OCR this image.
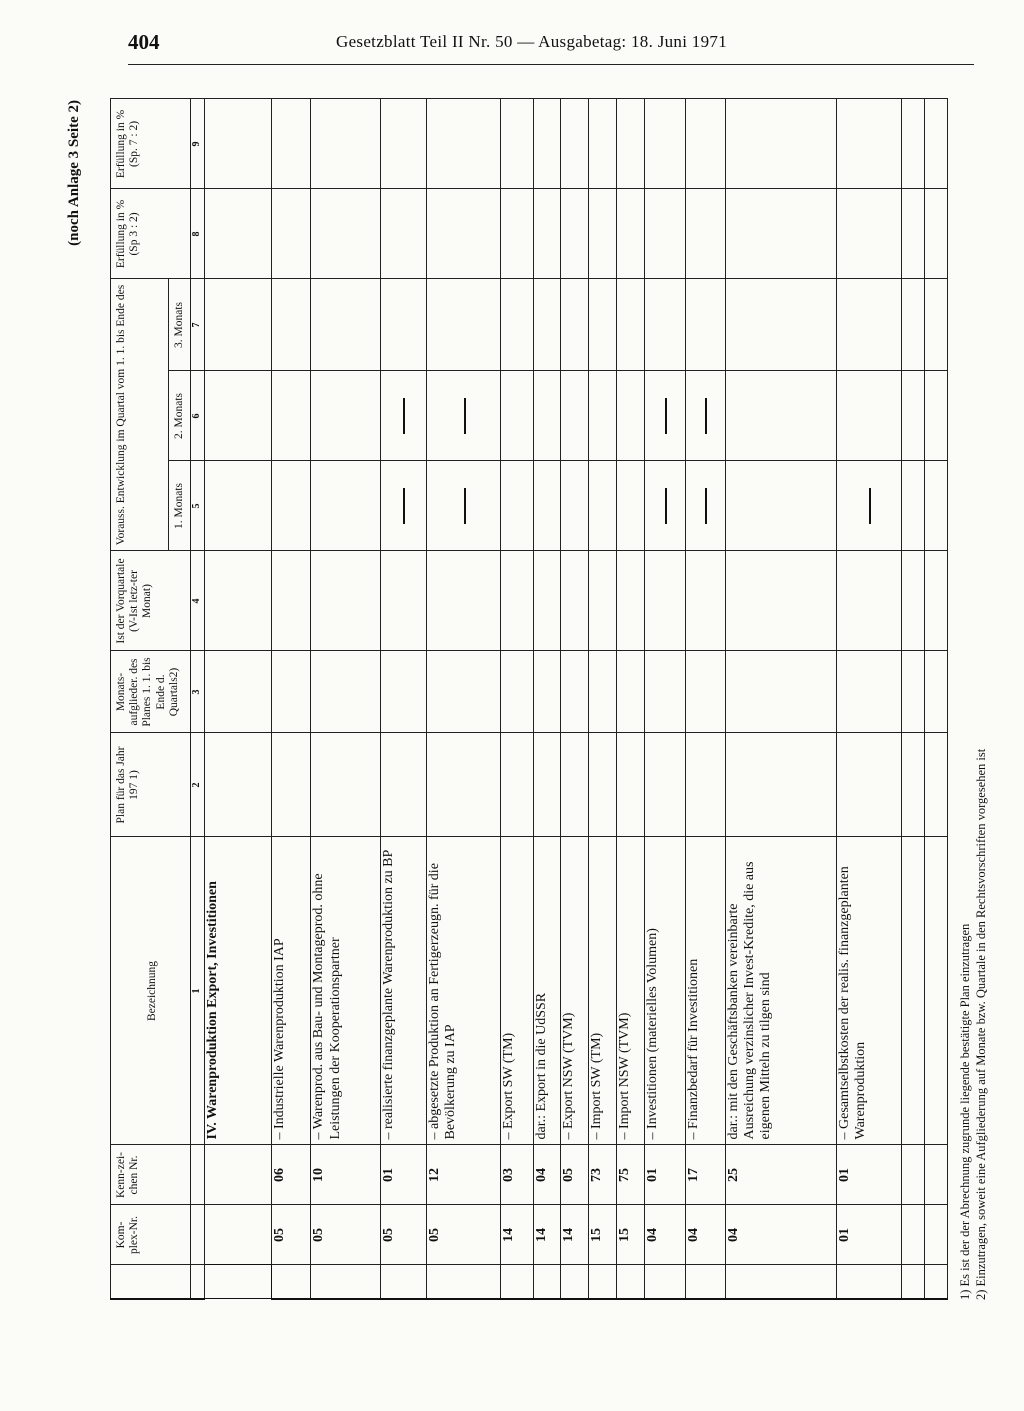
404	Gesetzblatt Teil II Nr. 50 — Ausgabetag: 18. Juni 1971
(noch Anlage 3 Seite 2)
	Kom-plex-Nr.	Kenn-zei-chen Nr.	Bezeichnung	Plan für das Jahr 197 1)	Monats-aufglieder. des Planes 1. 1. bis Ende d. Quartals2)	Ist der Vorquartale (V-Ist letz-ter Monat)	Vorauss. Entwicklung im Quartal vom 1. 1. bis Ende des			Erfüllung in % (Sp 3 : 2)	Erfüllung in % (Sp. 7 : 2)
							1. Monats	2. Monats	3. Monats		
			1	2	3	4	5	6	7	8	9
			IV. Warenproduktion Export, Investitionen								
	05	06	– Industrielle Warenproduktion IAP								
	05	10	– Warenprod. aus Bau- und Montageprod. ohne Leistungen der Kooperationspartner								
	05	01	– realisierte finanzgeplante Warenproduktion zu BP								
	05	12	– abgesetzte Produktion an Fertigerzeugn. für die Bevölkerung zu IAP								
	14	03	– Export SW (TM)								
	14	04	dar.: Export in die UdSSR								
	14	05	– Export NSW (TVM)								
	15	73	– Import SW (TM)								
	15	75	– Import NSW (TVM)								
	04	01	– Investitionen (materielles Volumen)								
	04	17	– Finanzbedarf für Investitionen								
	04	25	dar.: mit den Geschäftsbanken vereinbarte Ausreichung verzinslicher Invest-Kredite, die aus eigenen Mitteln zu tilgen sind								
	01	01	– Gesamtselbstkosten der realis. finanzgeplanten Warenproduktion								

												1) Es ist der der Abrechnung zugrunde liegende bestätigte Plan einzutragen 2) Einzutragen, soweit eine Aufgliederung auf Monate bzw. Quartale in den Rechtsvorschriften vorgesehen ist
